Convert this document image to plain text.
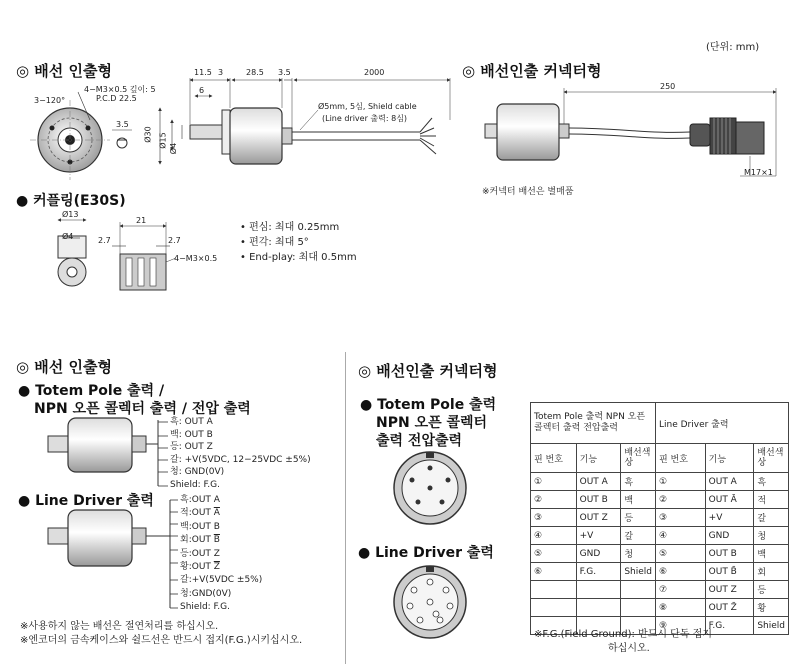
(단위: mm)
◎ 배선 인출형	◎ 배선인출 커넥터형
4−M3×0.5 깊이: 5
P.C.D 22.5
3−120°
11.5 3	28.5 3.5	2000
6
3.5
Ø30 Ø15 Ø4
Ø5mm, 5심, Shield cable
(Line driver 출력: 8심)
250
M17×1
※커넥터 배선은 별매품
● 커플링(E30S)
Ø13
Ø4
21
2.7	2.7
4−M3×0.5
• 편심: 최대 0.25mm
• 편각: 최대 5°
• End-play: 최대 0.5mm
◎ 배선 인출형
● Totem Pole 출력 /
NPN 오픈 콜렉터 출력 / 전압 출력
흑: OUT A
백: OUT B
등: OUT Z
갈: +V(5VDC, 12−25VDC ±5%)
청: GND(0V)
Shield: F.G.
● Line Driver 출력	흑:OUT A
적:OUT $\overline{A}$
백:OUT B
회:OUT $\overline{B}$
등:OUT Z
황:OUT $\overline{Z}$
갈:+V(5VDC ±5%)
청:GND(0V)
Shield: F.G.
※사용하지 않는 배선은 절연처리를 하십시오.
※엔코더의 금속케이스와 쉴드선은 반드시 접지(F.G.)시키십시오.
◎ 배선인출 커넥터형
● Totem Pole 출력
NPN 오픈 콜렉터
출력 전압출력
● Line Driver 출력
Totem Pole 출력 NPN 오픈 콜렉터 출력 전압출력			Line Driver 출력		
핀 번호	기능	배선색상	핀 번호	기능	배선색상
①	OUT A	흑	①	OUT A	흑
②	OUT B	백	②	OUT Ā	적
③	OUT Z	등	③	+V	갈
④	+V	갈	④	GND	청
⑤	GND	청	⑤	OUT B	백
⑥	F.G.	Shield	⑥	OUT B̄	회
			⑦	OUT Z	등
			⑧	OUT Z̄	황
			⑨	F.G.	Shield
※F.G.(Field Ground): 반드시 단독 접지
하십시오.
